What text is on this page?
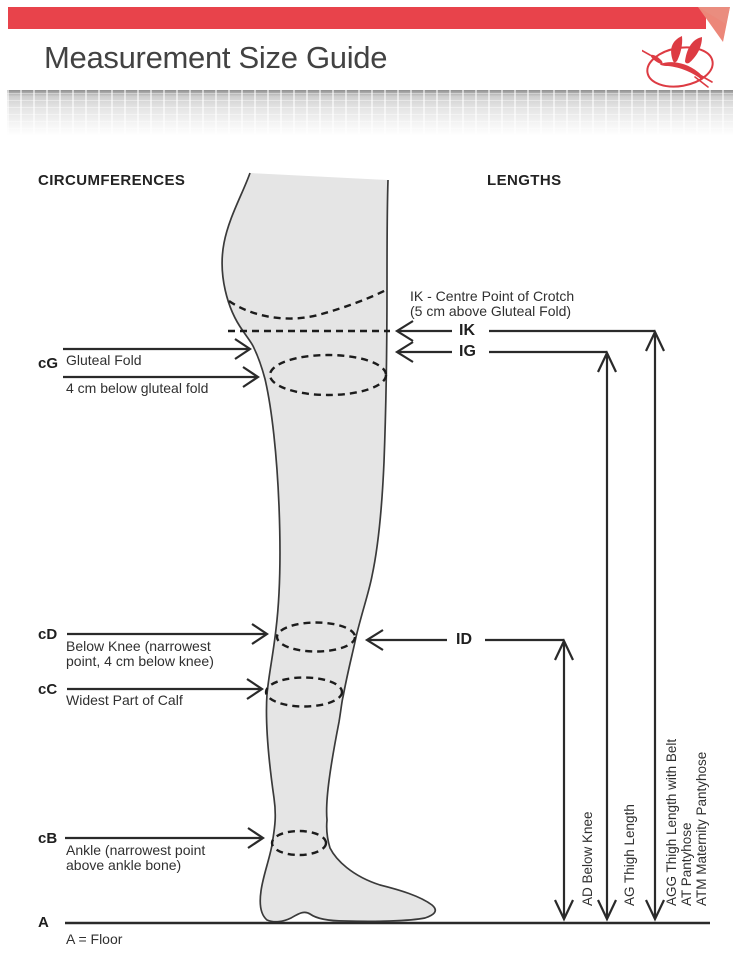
Measurement Size Guide
CIRCUMFERENCES	LENGTHS
cG Gluteal Fold
4 cm below gluteal fold
cD
Below Knee (narrowest point, 4 cm below knee)
cC
Widest Part of Calf
cB
Ankle (narrowest point above ankle bone)
A
A = Floor
IK - Centre Point of Crotch
(5 cm above Gluteal Fold)
IK
IG
ID
AD Below Knee AG Thigh Length AGG Thigh Length with Belt AT Pantyhose ATM Maternity Pantyhose
